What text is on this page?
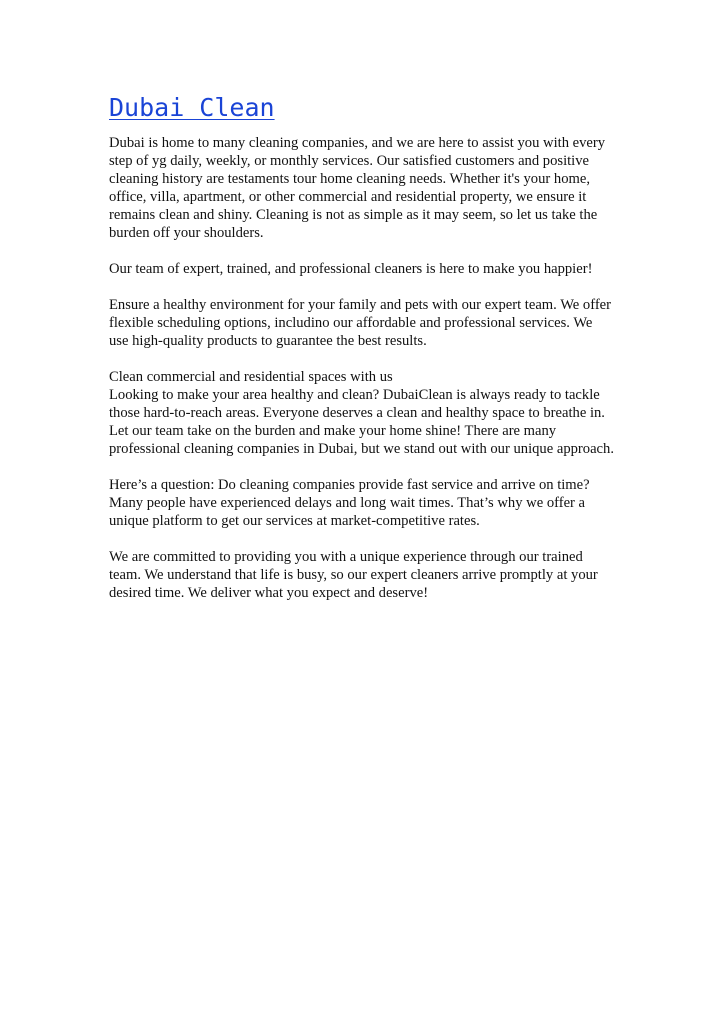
Dubai Clean

Dubai is home to many cleaning companies, and we are here to assist you with every
step of yg daily, weekly, or monthly services. Our satisfied customers and positive
cleaning history are testaments tour home cleaning needs. Whether it's your home,
office, villa, apartment, or other commercial and residential property, we ensure it
remains clean and shiny. Cleaning is not as simple as it may seem, so let us take the
burden off your shoulders.

Our team of expert, trained, and professional cleaners is here to make you happier!

Ensure a healthy environment for your family and pets with our expert team. We offer
flexible scheduling options, includino our affordable and professional services. We
use high-quality products to guarantee the best results.

Clean commercial and residential spaces with us
Looking to make your area healthy and clean? DubaiClean is always ready to tackle
those hard-to-reach areas. Everyone deserves a clean and healthy space to breathe in.
Let our team take on the burden and make your home shine! There are many
professional cleaning companies in Dubai, but we stand out with our unique approach.

Here’s a question: Do cleaning companies provide fast service and arrive on time?
Many people have experienced delays and long wait times. That’s why we offer a
unique platform to get our services at market-competitive rates.

We are committed to providing you with a unique experience through our trained
team. We understand that life is busy, so our expert cleaners arrive promptly at your
desired time. We deliver what you expect and deserve!
